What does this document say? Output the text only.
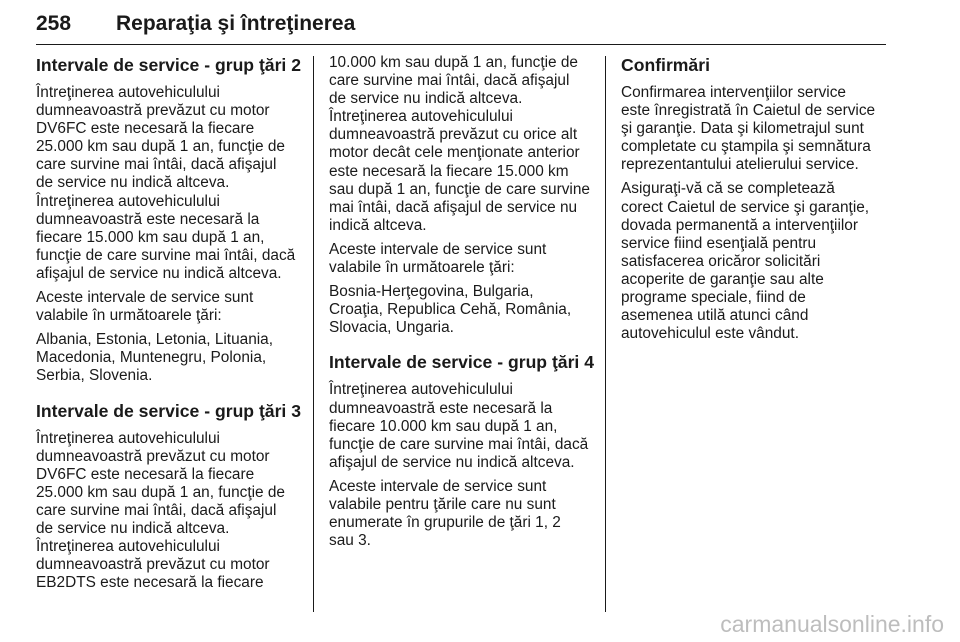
258 Reparaţia şi întreţinerea
Intervale de service - grup ţări 2
Întreţinerea autovehiculului
dumneavoastră prevăzut cu motor
DV6FC este necesară la fiecare
25.000 km sau după 1 an, funcţie de
care survine mai întâi, dacă afişajul
de service nu indică altceva.
Întreţinerea autovehiculului
dumneavoastră este necesară la
fiecare 15.000 km sau după 1 an,
funcţie de care survine mai întâi, dacă
afişajul de service nu indică altceva.
Aceste intervale de service sunt
valabile în următoarele ţări:
Albania, Estonia, Letonia, Lituania,
Macedonia, Muntenegru, Polonia,
Serbia, Slovenia.
Intervale de service - grup ţări 3
Întreţinerea autovehiculului
dumneavoastră prevăzut cu motor
DV6FC este necesară la fiecare
25.000 km sau după 1 an, funcţie de
care survine mai întâi, dacă afişajul
de service nu indică altceva.
Întreţinerea autovehiculului
dumneavoastră prevăzut cu motor
EB2DTS este necesară la fiecare
10.000 km sau după 1 an, funcţie de
care survine mai întâi, dacă afişajul
de service nu indică altceva.
Întreţinerea autovehiculului
dumneavoastră prevăzut cu orice alt
motor decât cele menţionate anterior
este necesară la fiecare 15.000 km
sau după 1 an, funcţie de care survine
mai întâi, dacă afişajul de service nu
indică altceva.
Aceste intervale de service sunt
valabile în următoarele ţări:
Bosnia-Herţegovina, Bulgaria,
Croaţia, Republica Cehă, România,
Slovacia, Ungaria.
Intervale de service - grup ţări 4
Întreţinerea autovehiculului
dumneavoastră este necesară la
fiecare 10.000 km sau după 1 an,
funcţie de care survine mai întâi, dacă
afişajul de service nu indică altceva.
Aceste intervale de service sunt
valabile pentru ţările care nu sunt
enumerate în grupurile de ţări 1, 2
sau 3.
Confirmări
Confirmarea intervenţiilor service
este înregistrată în Caietul de service
şi garanţie. Data şi kilometrajul sunt
completate cu ştampila şi semnătura
reprezentantului atelierului service.
Asiguraţi-vă că se completează
corect Caietul de service şi garanţie,
dovada permanentă a intervenţiilor
service fiind esenţială pentru
satisfacerea oricăror solicitări
acoperite de garanţie sau alte
programe speciale, fiind de
asemenea utilă atunci când
autovehiculul este vândut.
carmanualsonline.info
